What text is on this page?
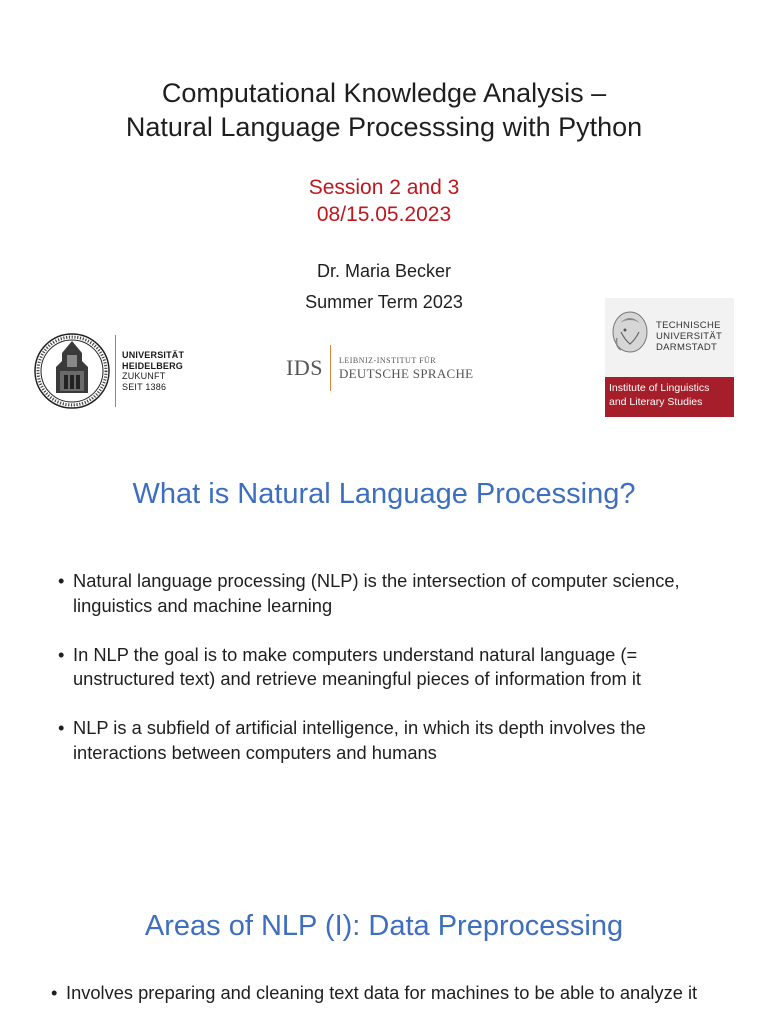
Computational Knowledge Analysis –
Natural Language Processsing with Python
Session 2 and 3
08/15.05.2023
Dr. Maria Becker
Summer Term 2023
UNIVERSITÄT
HEIDELBERG
ZUKUNFT
SEIT 1386
IDS LEIBNIZ-INSTITUT FÜR
DEUTSCHE SPRACHE
TECHNISCHE
UNIVERSITÄT
DARMSTADT
Institute of Linguistics
and Literary Studies
What is Natural Language Processing?
• Natural language processing (NLP) is the intersection of computer science, linguistics and machine learning
• In NLP the goal is to make computers understand natural language (= unstructured text) and retrieve meaningful pieces of information from it
• NLP is a subfield of artificial intelligence, in which its depth involves the interactions between computers and humans
Areas of NLP (I): Data Preprocessing
• Involves preparing and cleaning text data for machines to be able to analyze it
